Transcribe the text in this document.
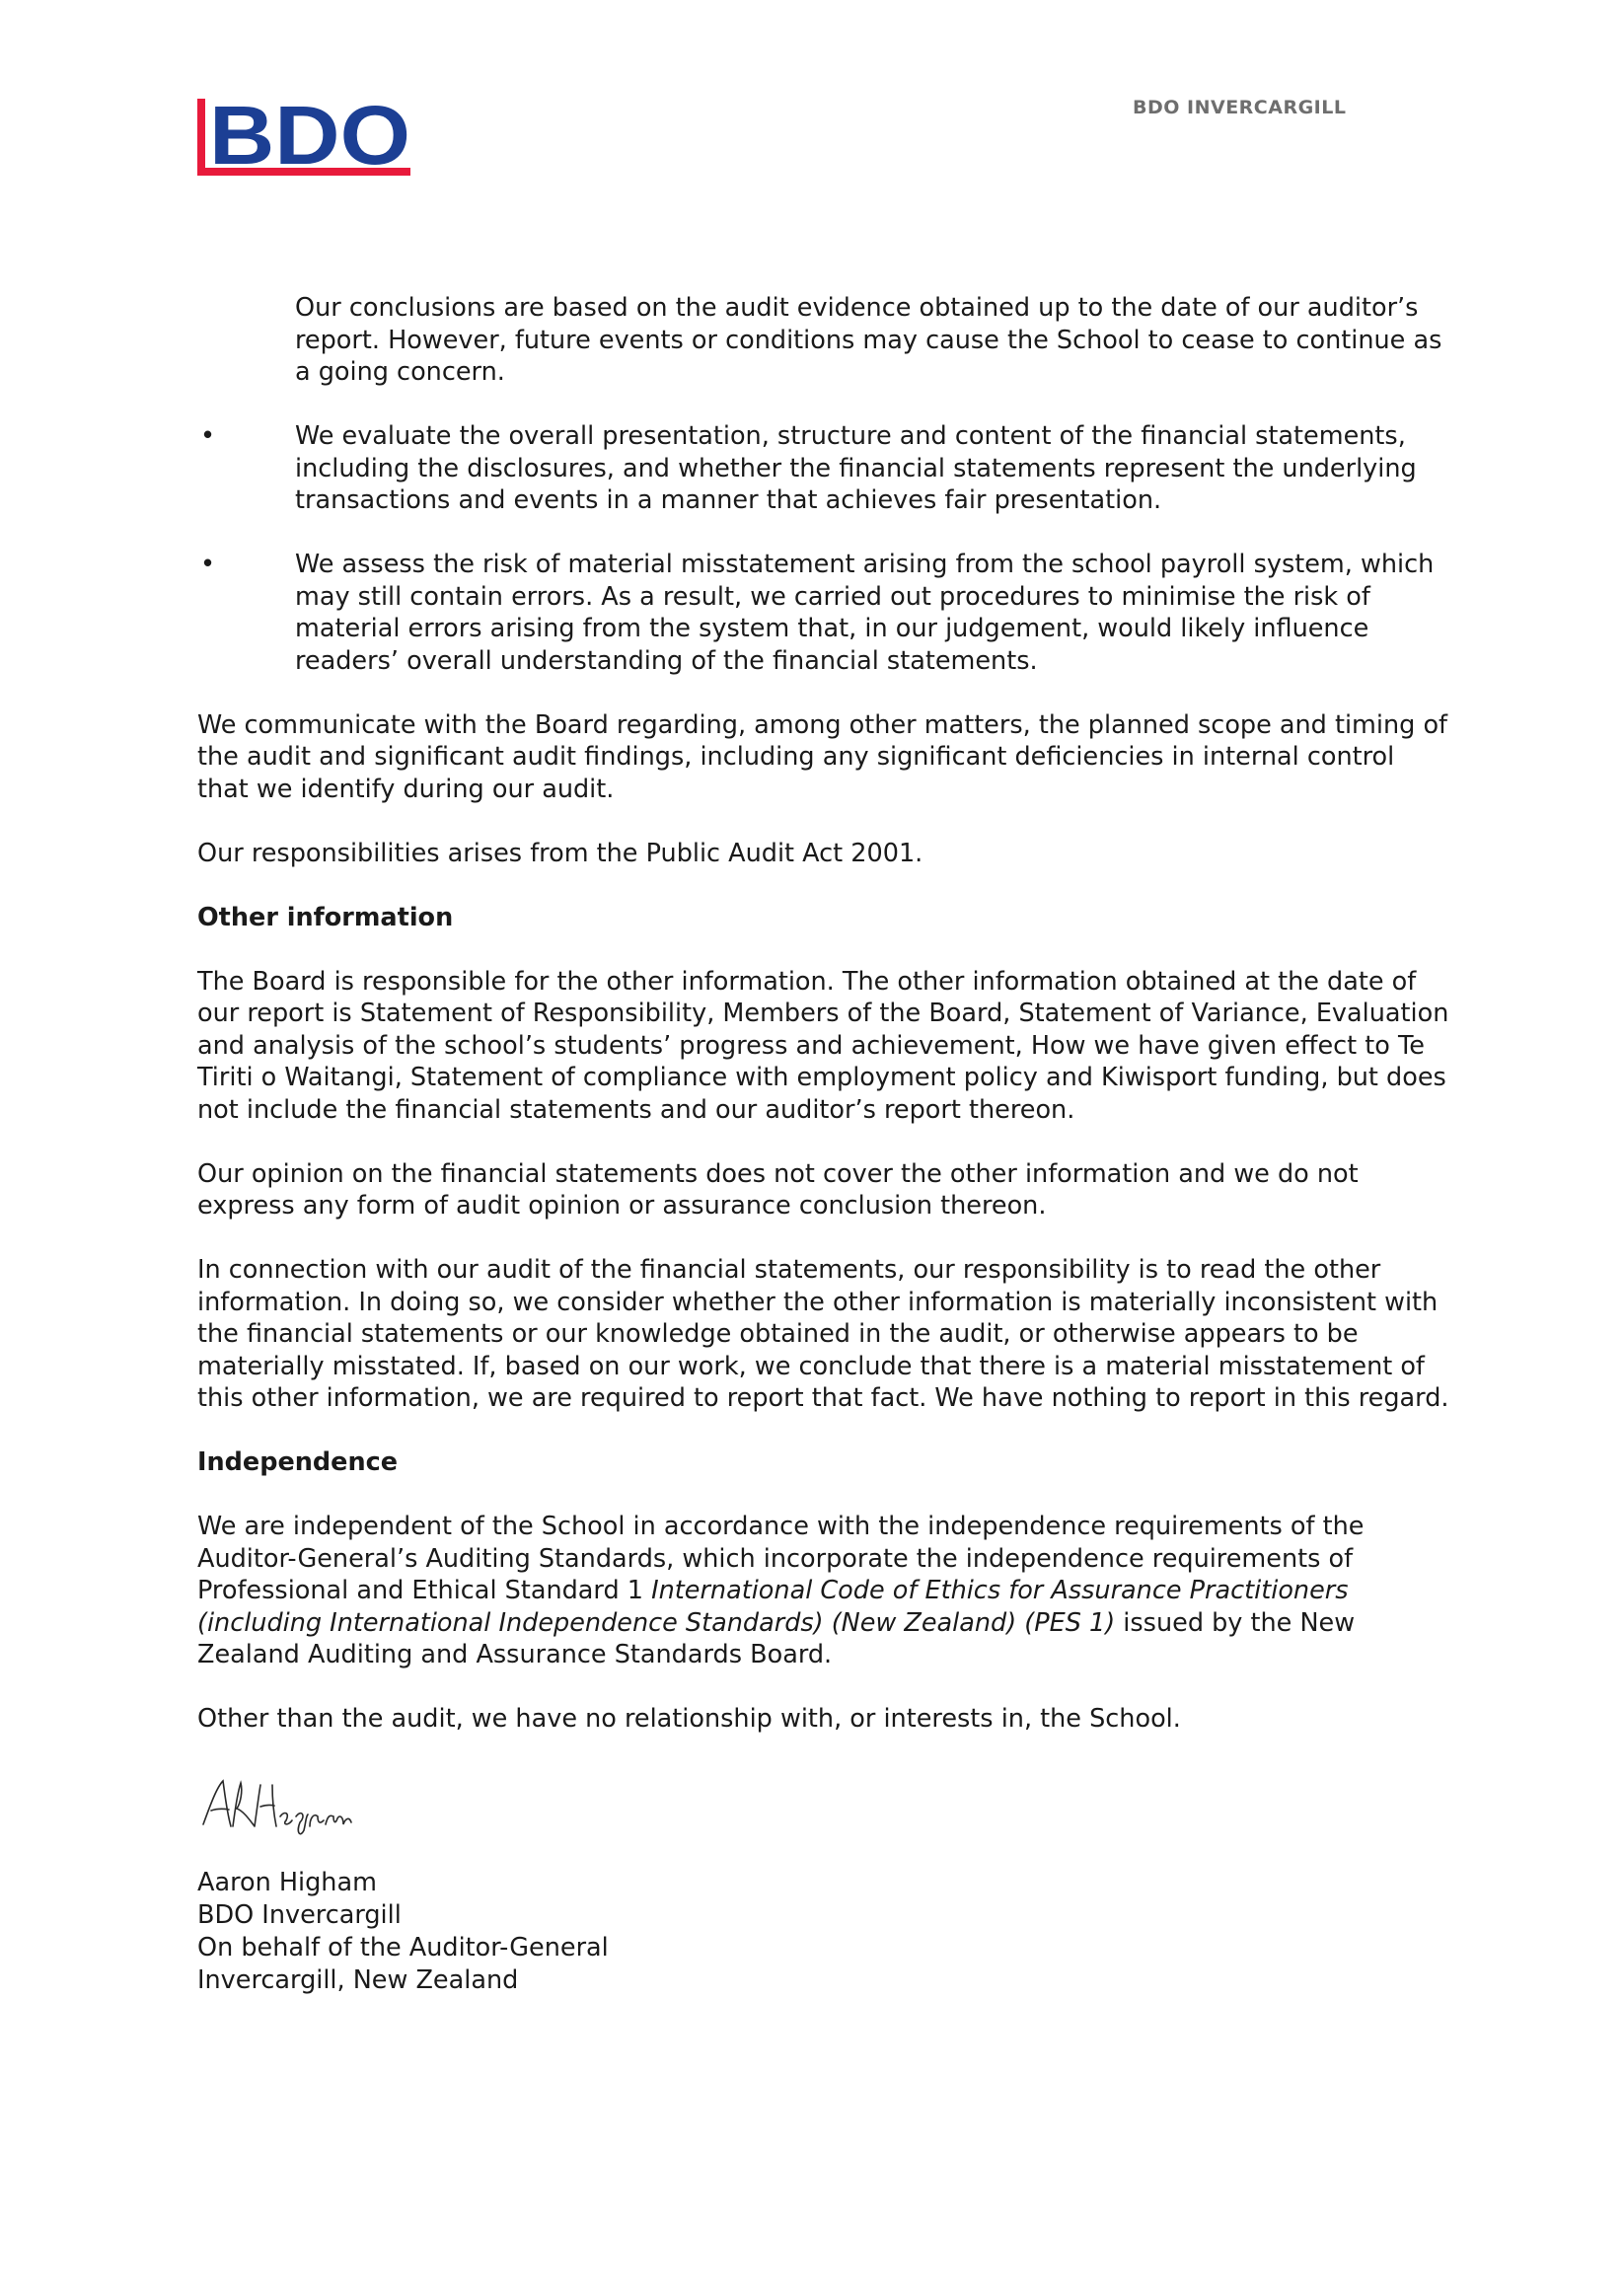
BDO	BDO INVERCARGILL

Our conclusions are based on the audit evidence obtained up to the date of our auditor’s report. However, future events or conditions may cause the School to cease to continue as a going concern.

•	We evaluate the overall presentation, structure and content of the financial statements, including the disclosures, and whether the financial statements represent the underlying transactions and events in a manner that achieves fair presentation.
•	We assess the risk of material misstatement arising from the school payroll system, which may still contain errors. As a result, we carried out procedures to minimise the risk of material errors arising from the system that, in our judgement, would likely influence readers’ overall understanding of the financial statements.

We communicate with the Board regarding, among other matters, the planned scope and timing of the audit and significant audit findings, including any significant deficiencies in internal control that we identify during our audit.

Our responsibilities arises from the Public Audit Act 2001.

Other information

The Board is responsible for the other information. The other information obtained at the date of our report is Statement of Responsibility, Members of the Board, Statement of Variance, Evaluation and analysis of the school’s students’ progress and achievement, How we have given effect to Te Tiriti o Waitangi, Statement of compliance with employment policy and Kiwisport funding, but does not include the financial statements and our auditor’s report thereon.

Our opinion on the financial statements does not cover the other information and we do not express any form of audit opinion or assurance conclusion thereon.

In connection with our audit of the financial statements, our responsibility is to read the other information. In doing so, we consider whether the other information is materially inconsistent with the financial statements or our knowledge obtained in the audit, or otherwise appears to be materially misstated. If, based on our work, we conclude that there is a material misstatement of this other information, we are required to report that fact. We have nothing to report in this regard.

Independence

We are independent of the School in accordance with the independence requirements of the Auditor-General’s Auditing Standards, which incorporate the independence requirements of Professional and Ethical Standard 1 International Code of Ethics for Assurance Practitioners (including International Independence Standards) (New Zealand) (PES 1) issued by the New Zealand Auditing and Assurance Standards Board.

Other than the audit, we have no relationship with, or interests in, the School.

Aaron Higham
BDO Invercargill
On behalf of the Auditor-General
Invercargill, New Zealand
